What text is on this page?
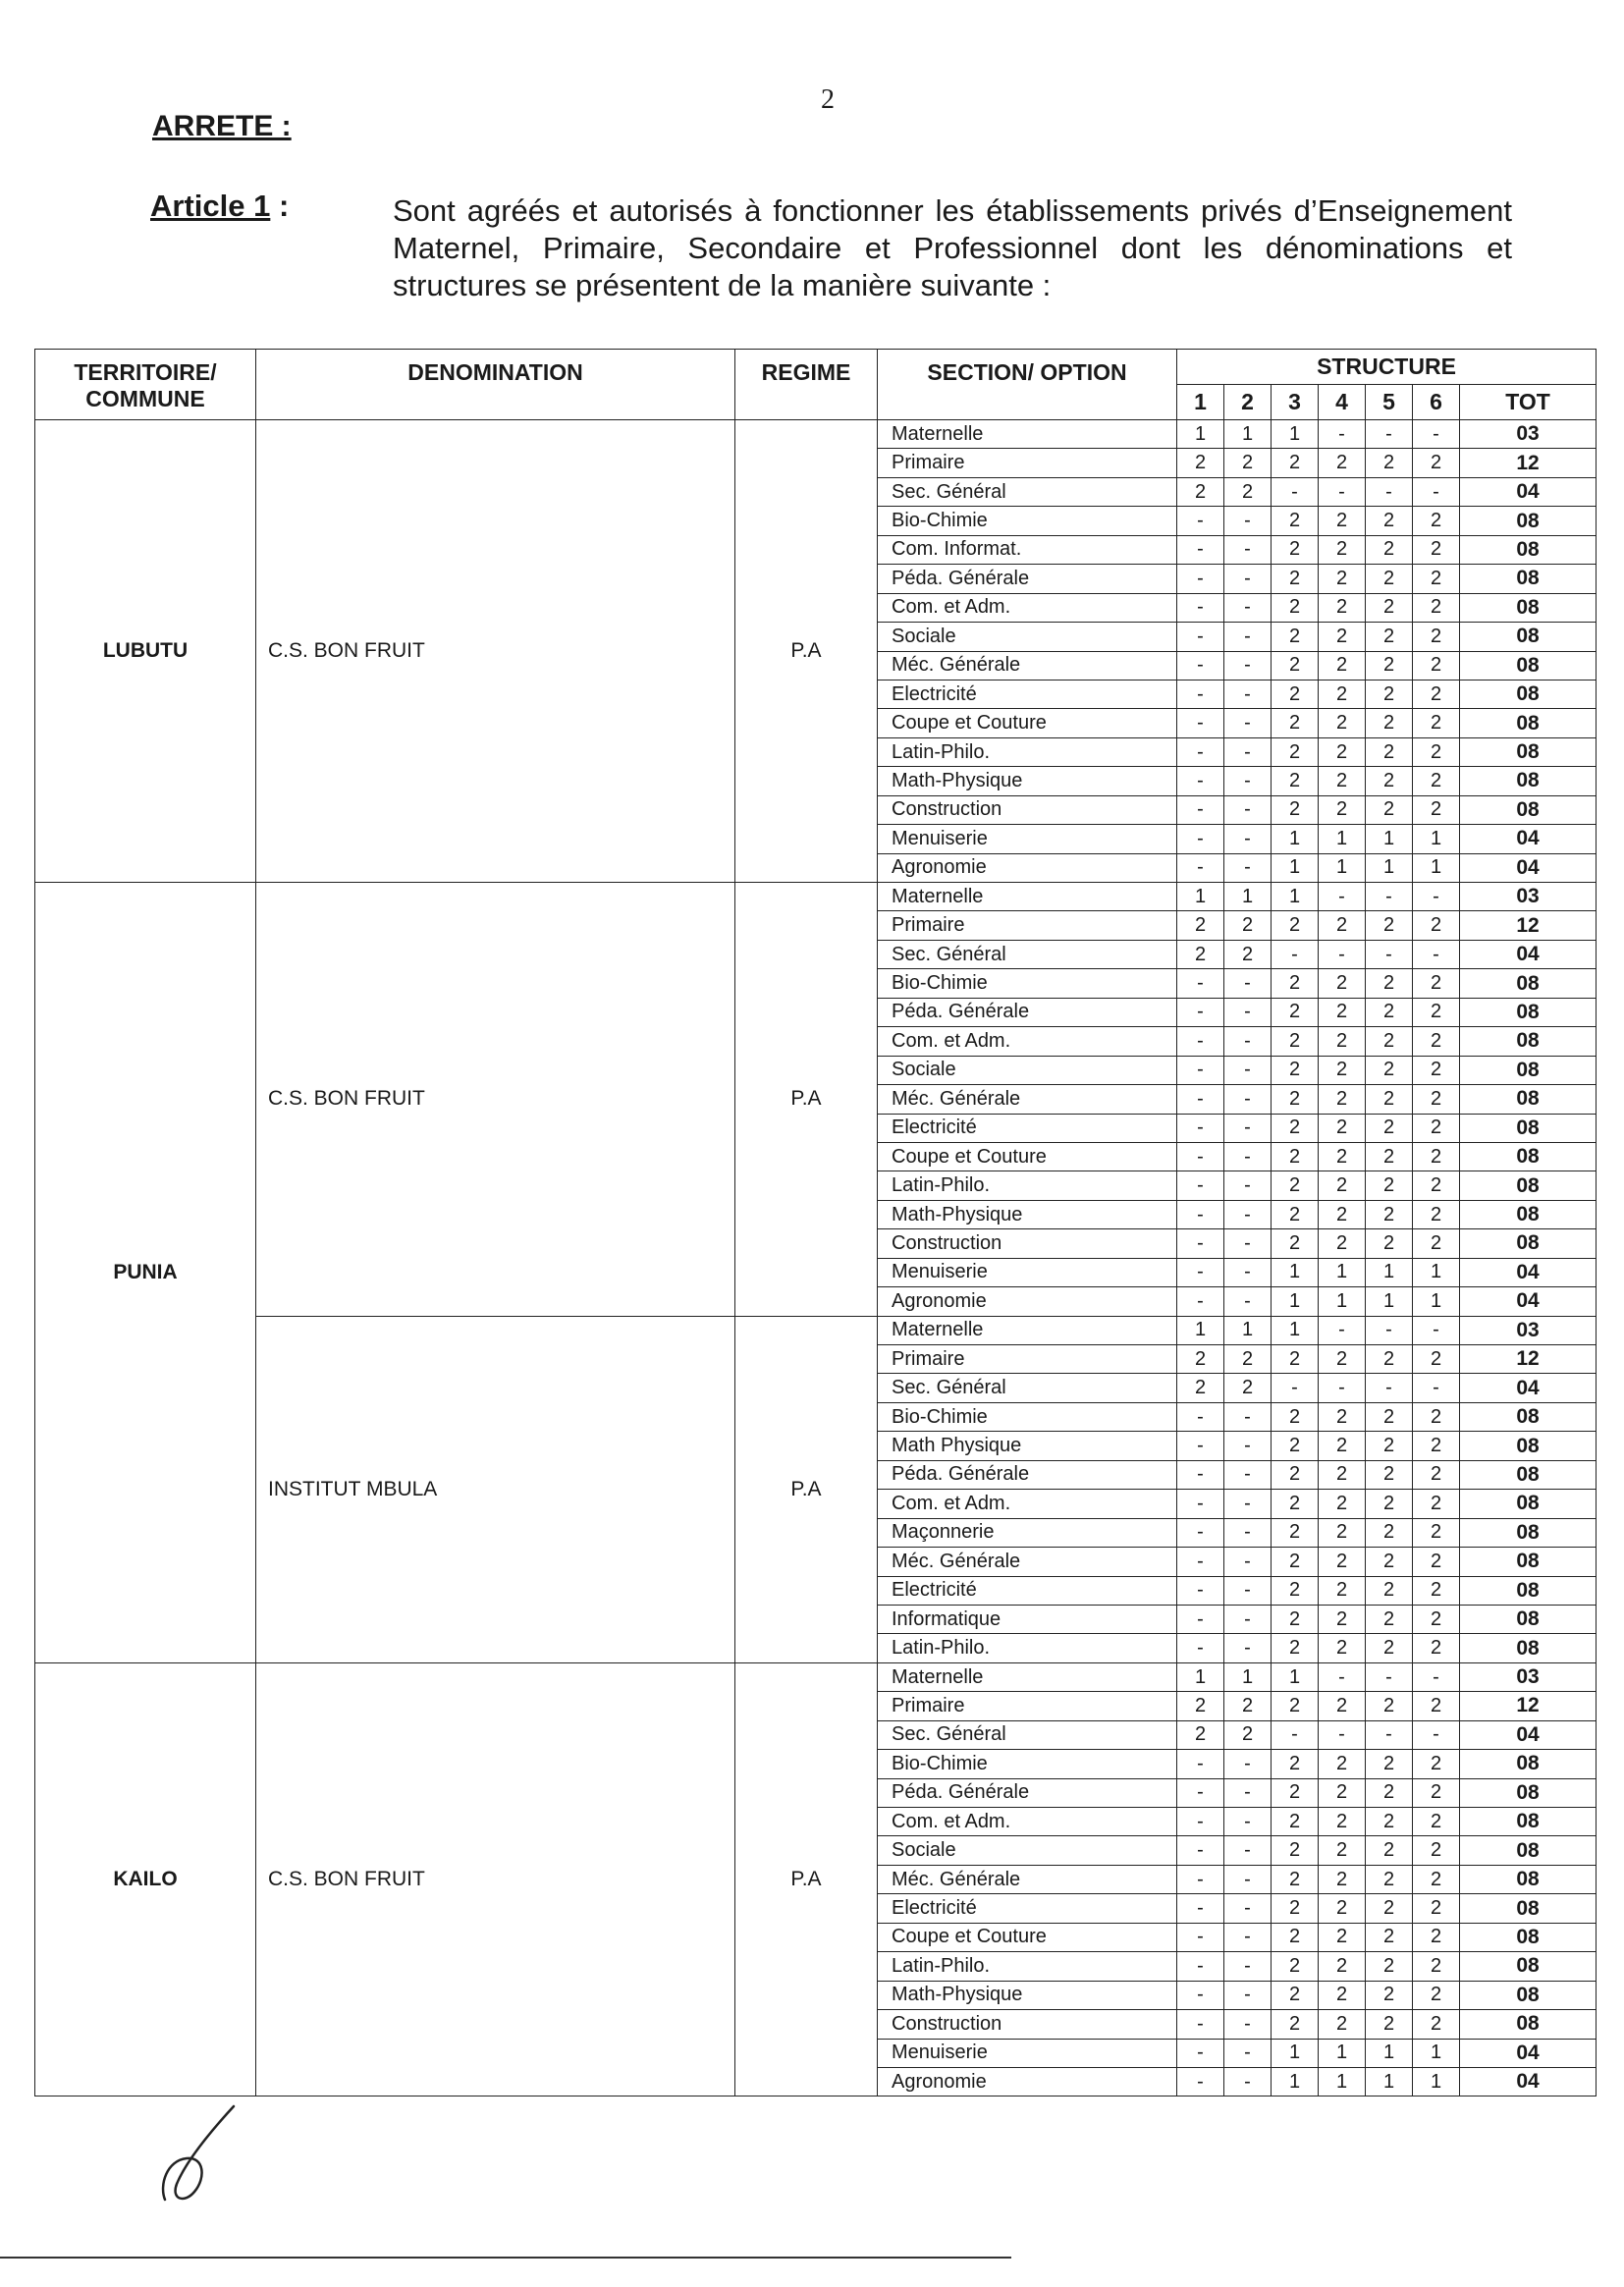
2
ARRETE :
Article 1 :	Sont agréés et autorisés à fonctionner les établissements privés d’Enseignement Maternel, Primaire, Secondaire et Professionnel dont les dénominations et structures se présentent de la manière suivante :
TERRITOIRE/ COMMUNE	DENOMINATION	REGIME	SECTION/ OPTION	STRUCTURE						
				1	2	3	4	5	6	TOT
LUBUTU	C.S. BON FRUIT	P.A	Maternelle	1	1	1	-	-	-	03
			Primaire	2	2	2	2	2	2	12
			Sec. Général	2	2	-	-	-	-	04
			Bio-Chimie	-	-	2	2	2	2	08
			Com. Informat.	-	-	2	2	2	2	08
			Péda. Générale	-	-	2	2	2	2	08
			Com. et Adm.	-	-	2	2	2	2	08
			Sociale	-	-	2	2	2	2	08
			Méc. Générale	-	-	2	2	2	2	08
			Electricité	-	-	2	2	2	2	08
			Coupe et Couture	-	-	2	2	2	2	08
			Latin-Philo.	-	-	2	2	2	2	08
			Math-Physique	-	-	2	2	2	2	08
			Construction	-	-	2	2	2	2	08
			Menuiserie	-	-	1	1	1	1	04
			Agronomie	-	-	1	1	1	1	04
PUNIA	C.S. BON FRUIT	P.A	Maternelle	1	1	1	-	-	-	03
			Primaire	2	2	2	2	2	2	12
			Sec. Général	2	2	-	-	-	-	04
			Bio-Chimie	-	-	2	2	2	2	08
			Péda. Générale	-	-	2	2	2	2	08
			Com. et Adm.	-	-	2	2	2	2	08
			Sociale	-	-	2	2	2	2	08
			Méc. Générale	-	-	2	2	2	2	08
			Electricité	-	-	2	2	2	2	08
			Coupe et Couture	-	-	2	2	2	2	08
			Latin-Philo.	-	-	2	2	2	2	08
			Math-Physique	-	-	2	2	2	2	08
			Construction	-	-	2	2	2	2	08
			Menuiserie	-	-	1	1	1	1	04
			Agronomie	-	-	1	1	1	1	04
	INSTITUT MBULA	P.A	Maternelle	1	1	1	-	-	-	03
			Primaire	2	2	2	2	2	2	12
			Sec. Général	2	2	-	-	-	-	04
			Bio-Chimie	-	-	2	2	2	2	08
			Math Physique	-	-	2	2	2	2	08
			Péda. Générale	-	-	2	2	2	2	08
			Com. et Adm.	-	-	2	2	2	2	08
			Maçonnerie	-	-	2	2	2	2	08
			Méc. Générale	-	-	2	2	2	2	08
			Electricité	-	-	2	2	2	2	08
			Informatique	-	-	2	2	2	2	08
			Latin-Philo.	-	-	2	2	2	2	08
KAILO	C.S. BON FRUIT	P.A	Maternelle	1	1	1	-	-	-	03
			Primaire	2	2	2	2	2	2	12
			Sec. Général	2	2	-	-	-	-	04
			Bio-Chimie	-	-	2	2	2	2	08
			Péda. Générale	-	-	2	2	2	2	08
			Com. et Adm.	-	-	2	2	2	2	08
			Sociale	-	-	2	2	2	2	08
			Méc. Générale	-	-	2	2	2	2	08
			Electricité	-	-	2	2	2	2	08
			Coupe et Couture	-	-	2	2	2	2	08
			Latin-Philo.	-	-	2	2	2	2	08
			Math-Physique	-	-	2	2	2	2	08
			Construction	-	-	2	2	2	2	08
			Menuiserie	-	-	1	1	1	1	04
			Agronomie	-	-	1	1	1	1	04
